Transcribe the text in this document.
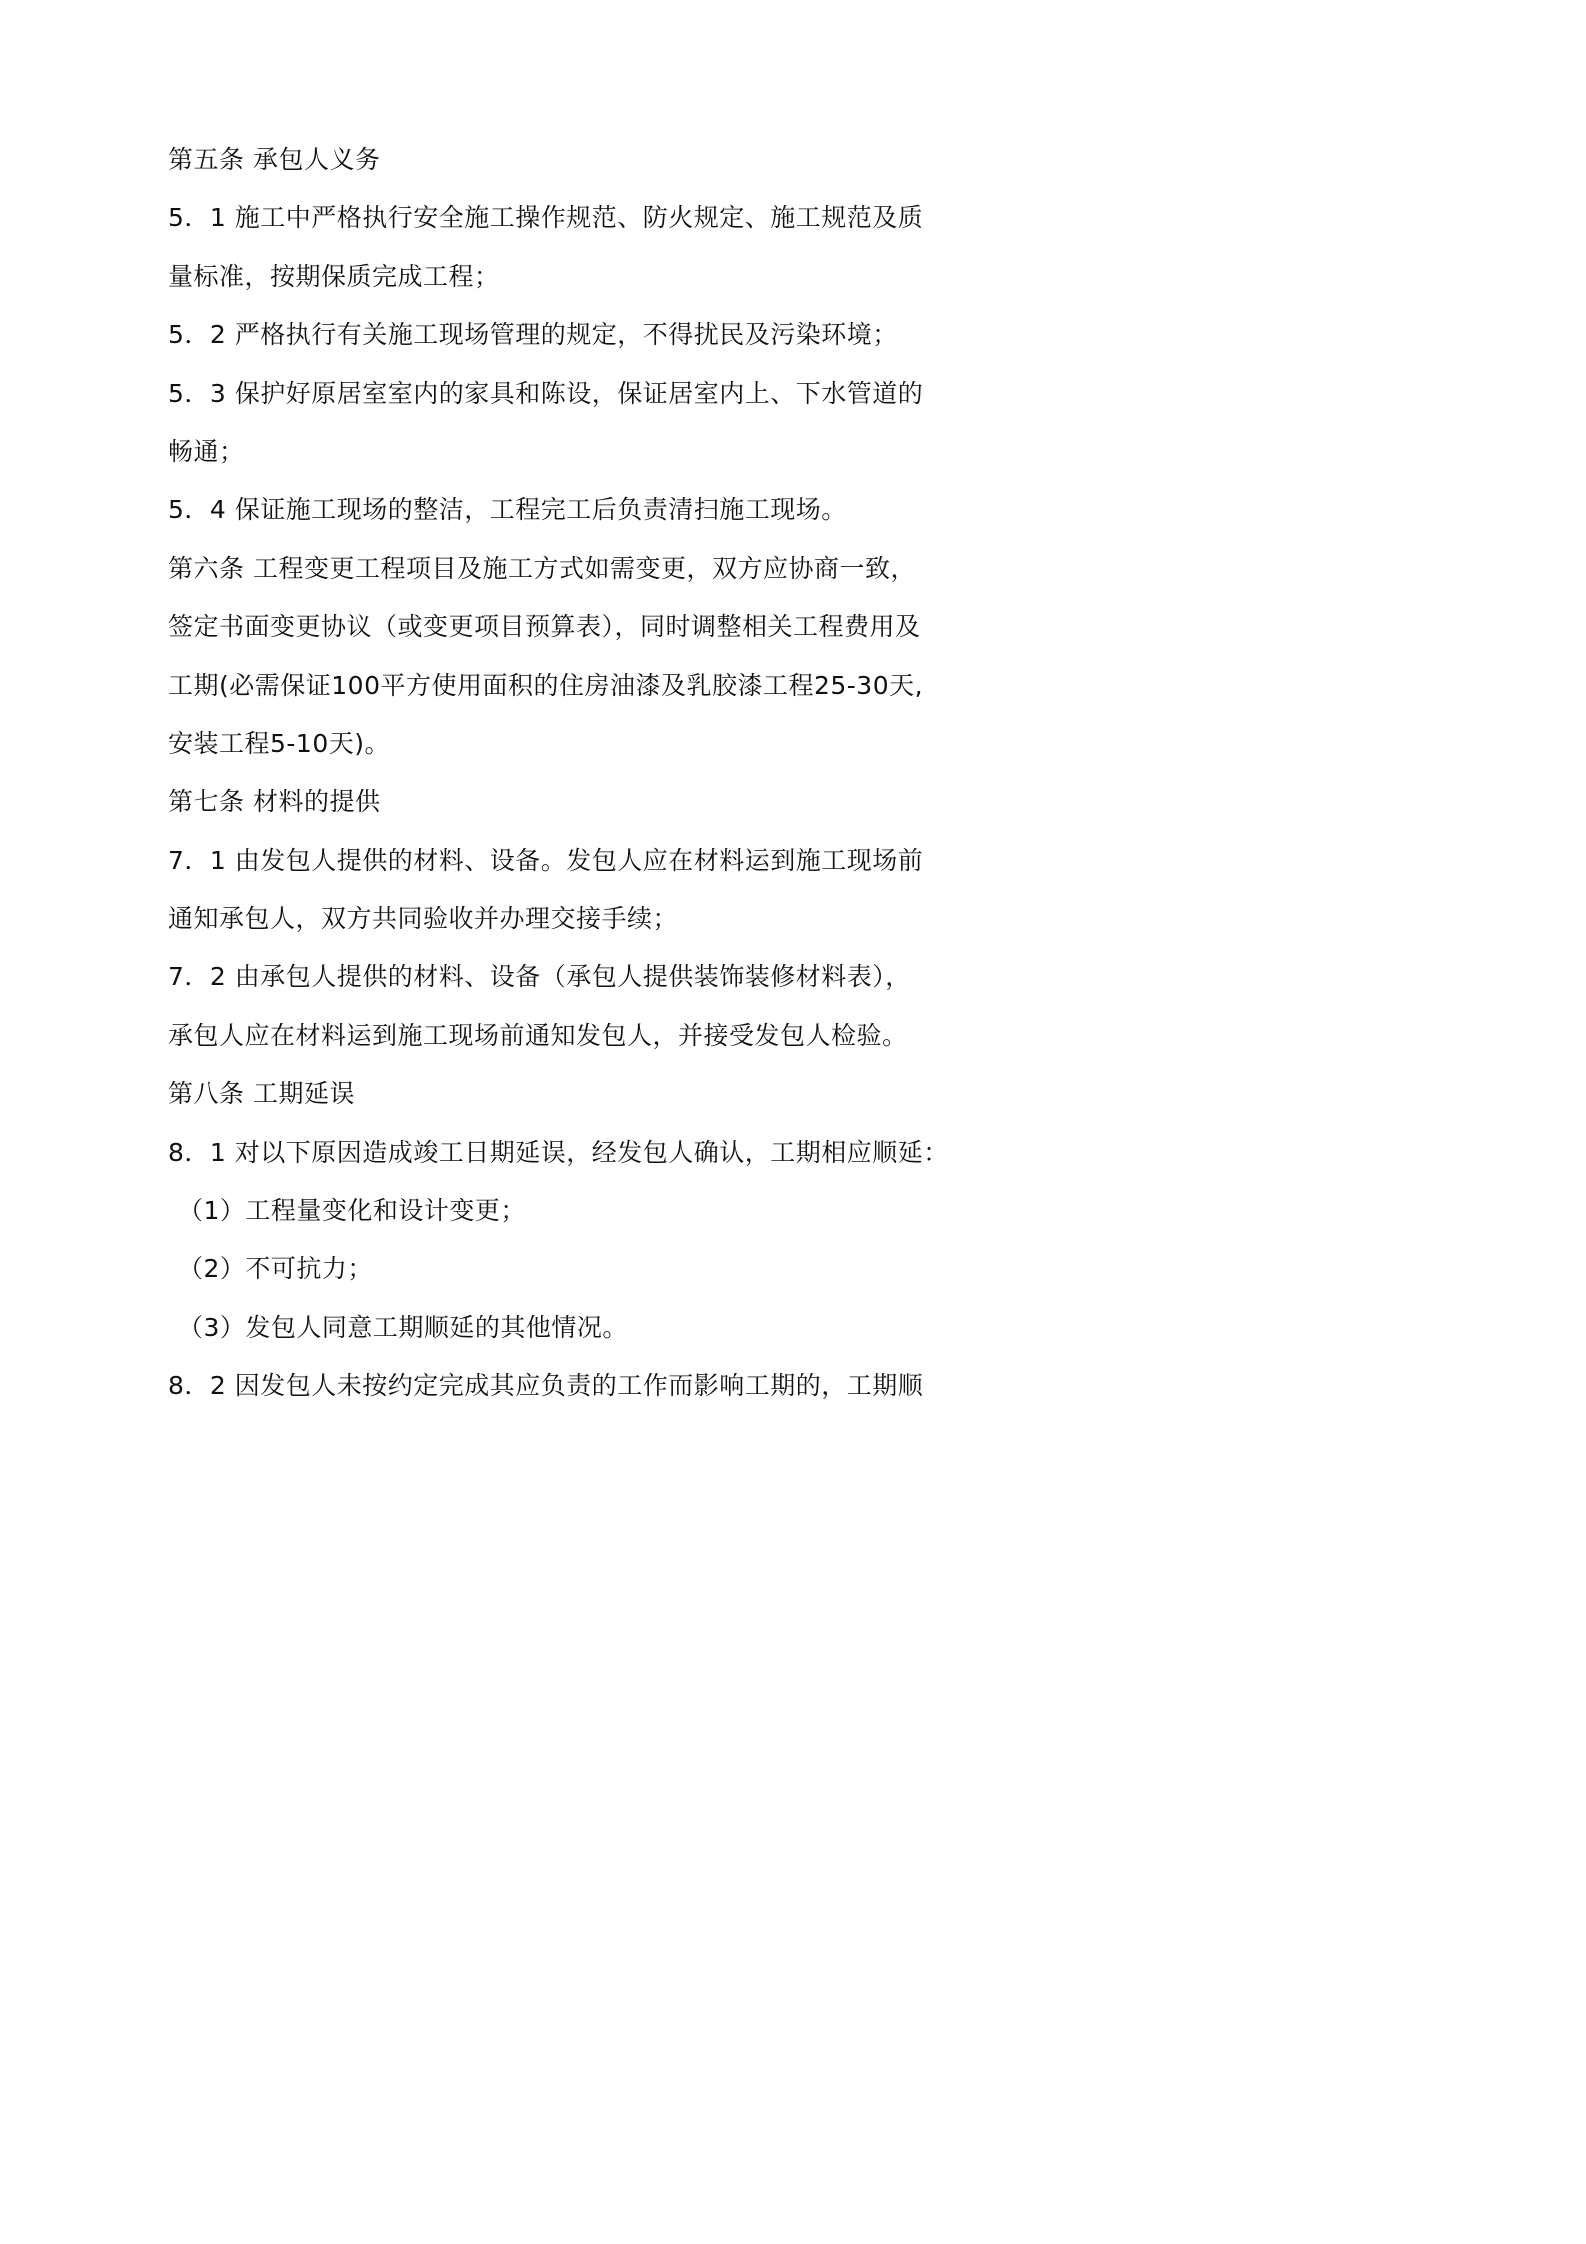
第五条 承包人义务
5．1 施工中严格执行安全施工操作规范、防火规定、施工规范及质
量标准，按期保质完成工程；
5．2 严格执行有关施工现场管理的规定，不得扰民及污染环境；
5．3 保护好原居室室内的家具和陈设，保证居室内上、下水管道的
畅通；
5．4 保证施工现场的整洁，工程完工后负责清扫施工现场。
第六条 工程变更工程项目及施工方式如需变更，双方应协商一致，
签定书面变更协议（或变更项目预算表），同时调整相关工程费用及
工期(必需保证100平方使用面积的住房油漆及乳胶漆工程25-30天,
安装工程5-10天)。
第七条 材料的提供
7．1 由发包人提供的材料、设备。发包人应在材料运到施工现场前
通知承包人，双方共同验收并办理交接手续；
7．2 由承包人提供的材料、设备（承包人提供装饰装修材料表），
承包人应在材料运到施工现场前通知发包人，并接受发包人检验。
第八条 工期延误
8．1 对以下原因造成竣工日期延误，经发包人确认，工期相应顺延：
（1）工程量变化和设计变更；
（2）不可抗力；
（3）发包人同意工期顺延的其他情况。
8．2 因发包人未按约定完成其应负责的工作而影响工期的，工期顺
